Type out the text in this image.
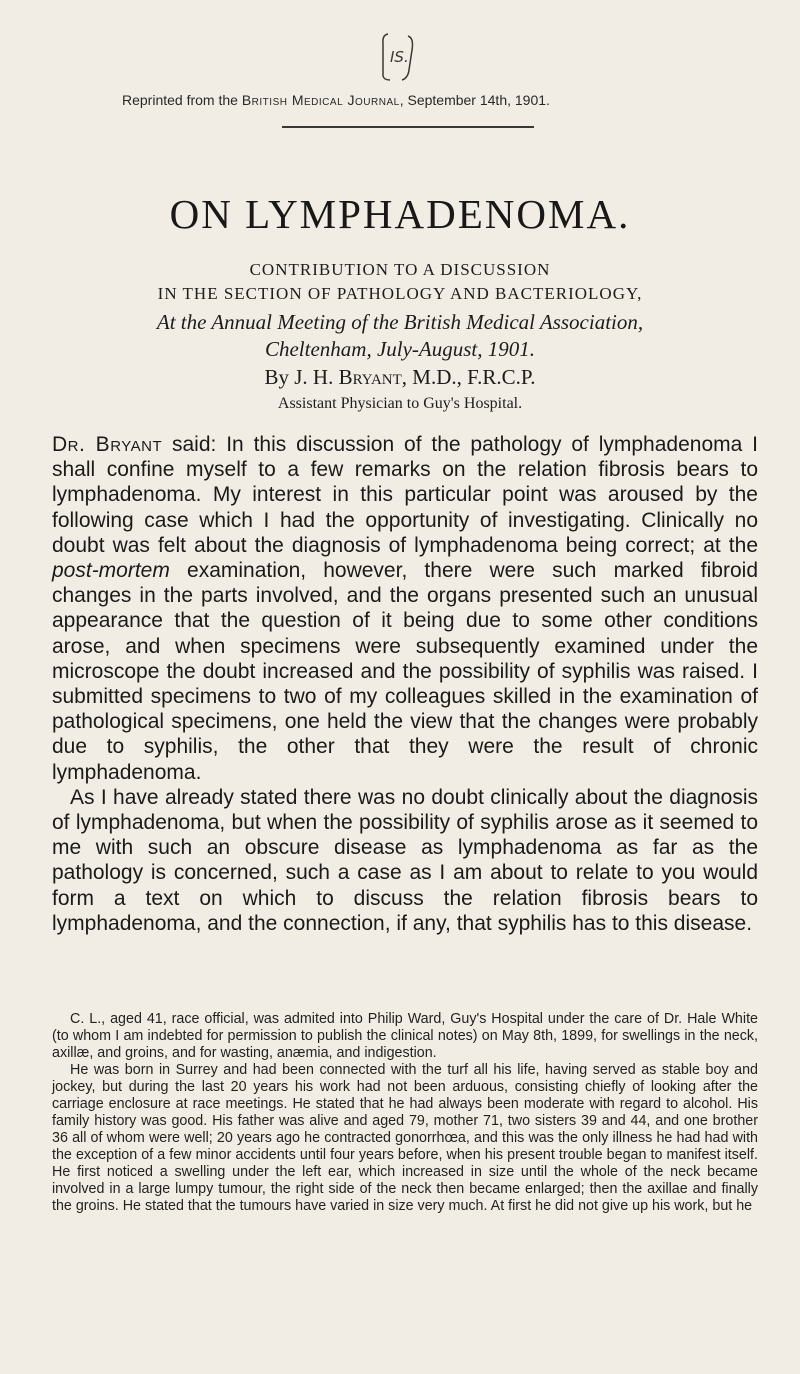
IS.
Reprinted from the British Medical Journal, September 14th, 1901.
ON LYMPHADENOMA.
CONTRIBUTION TO A DISCUSSION
IN THE SECTION OF PATHOLOGY AND BACTERIOLOGY,
At the Annual Meeting of the British Medical Association,
Cheltenham, July-August, 1901.
By J. H. Bryant, M.D., F.R.C.P.
Assistant Physician to Guy's Hospital.

Dr. Bryant said: In this discussion of the pathology of lymphadenoma I shall confine myself to a few remarks on the relation fibrosis bears to lymphadenoma. My interest in this particular point was aroused by the following case which I had the opportunity of investigating. Clinically no doubt was felt about the diagnosis of lymphadenoma being correct; at the post-mortem examination, however, there were such marked fibroid changes in the parts involved, and the organs presented such an unusual appearance that the question of it being due to some other conditions arose, and when specimens were subsequently examined under the microscope the doubt increased and the possibility of syphilis was raised. I submitted specimens to two of my colleagues skilled in the examination of pathological specimens, one held the view that the changes were probably due to syphilis, the other that they were the result of chronic lymphadenoma.

As I have already stated there was no doubt clinically about the diagnosis of lymphadenoma, but when the possibility of syphilis arose as it seemed to me with such an obscure disease as lymphadenoma as far as the pathology is concerned, such a case as I am about to relate to you would form a text on which to discuss the relation fibrosis bears to lymphadenoma, and the connection, if any, that syphilis has to this disease.

C. L., aged 41, race official, was admited into Philip Ward, Guy's Hospital under the care of Dr. Hale White (to whom I am indebted for permission to publish the clinical notes) on May 8th, 1899, for swellings in the neck, axillæ, and groins, and for wasting, anæmia, and indigestion.

He was born in Surrey and had been connected with the turf all his life, having served as stable boy and jockey, but during the last 20 years his work had not been arduous, consisting chiefly of looking after the carriage enclosure at race meetings. He stated that he had always been moderate with regard to alcohol. His family history was good. His father was alive and aged 79, mother 71, two sisters 39 and 44, and one brother 36 all of whom were well; 20 years ago he contracted gonorrhœa, and this was the only illness he had had with the exception of a few minor accidents until four years before, when his present trouble began to manifest itself. He first noticed a swelling under the left ear, which increased in size until the whole of the neck became involved in a large lumpy tumour, the right side of the neck then became enlarged; then the axillae and finally the groins. He stated that the tumours have varied in size very much. At first he did not give up his work, but he
